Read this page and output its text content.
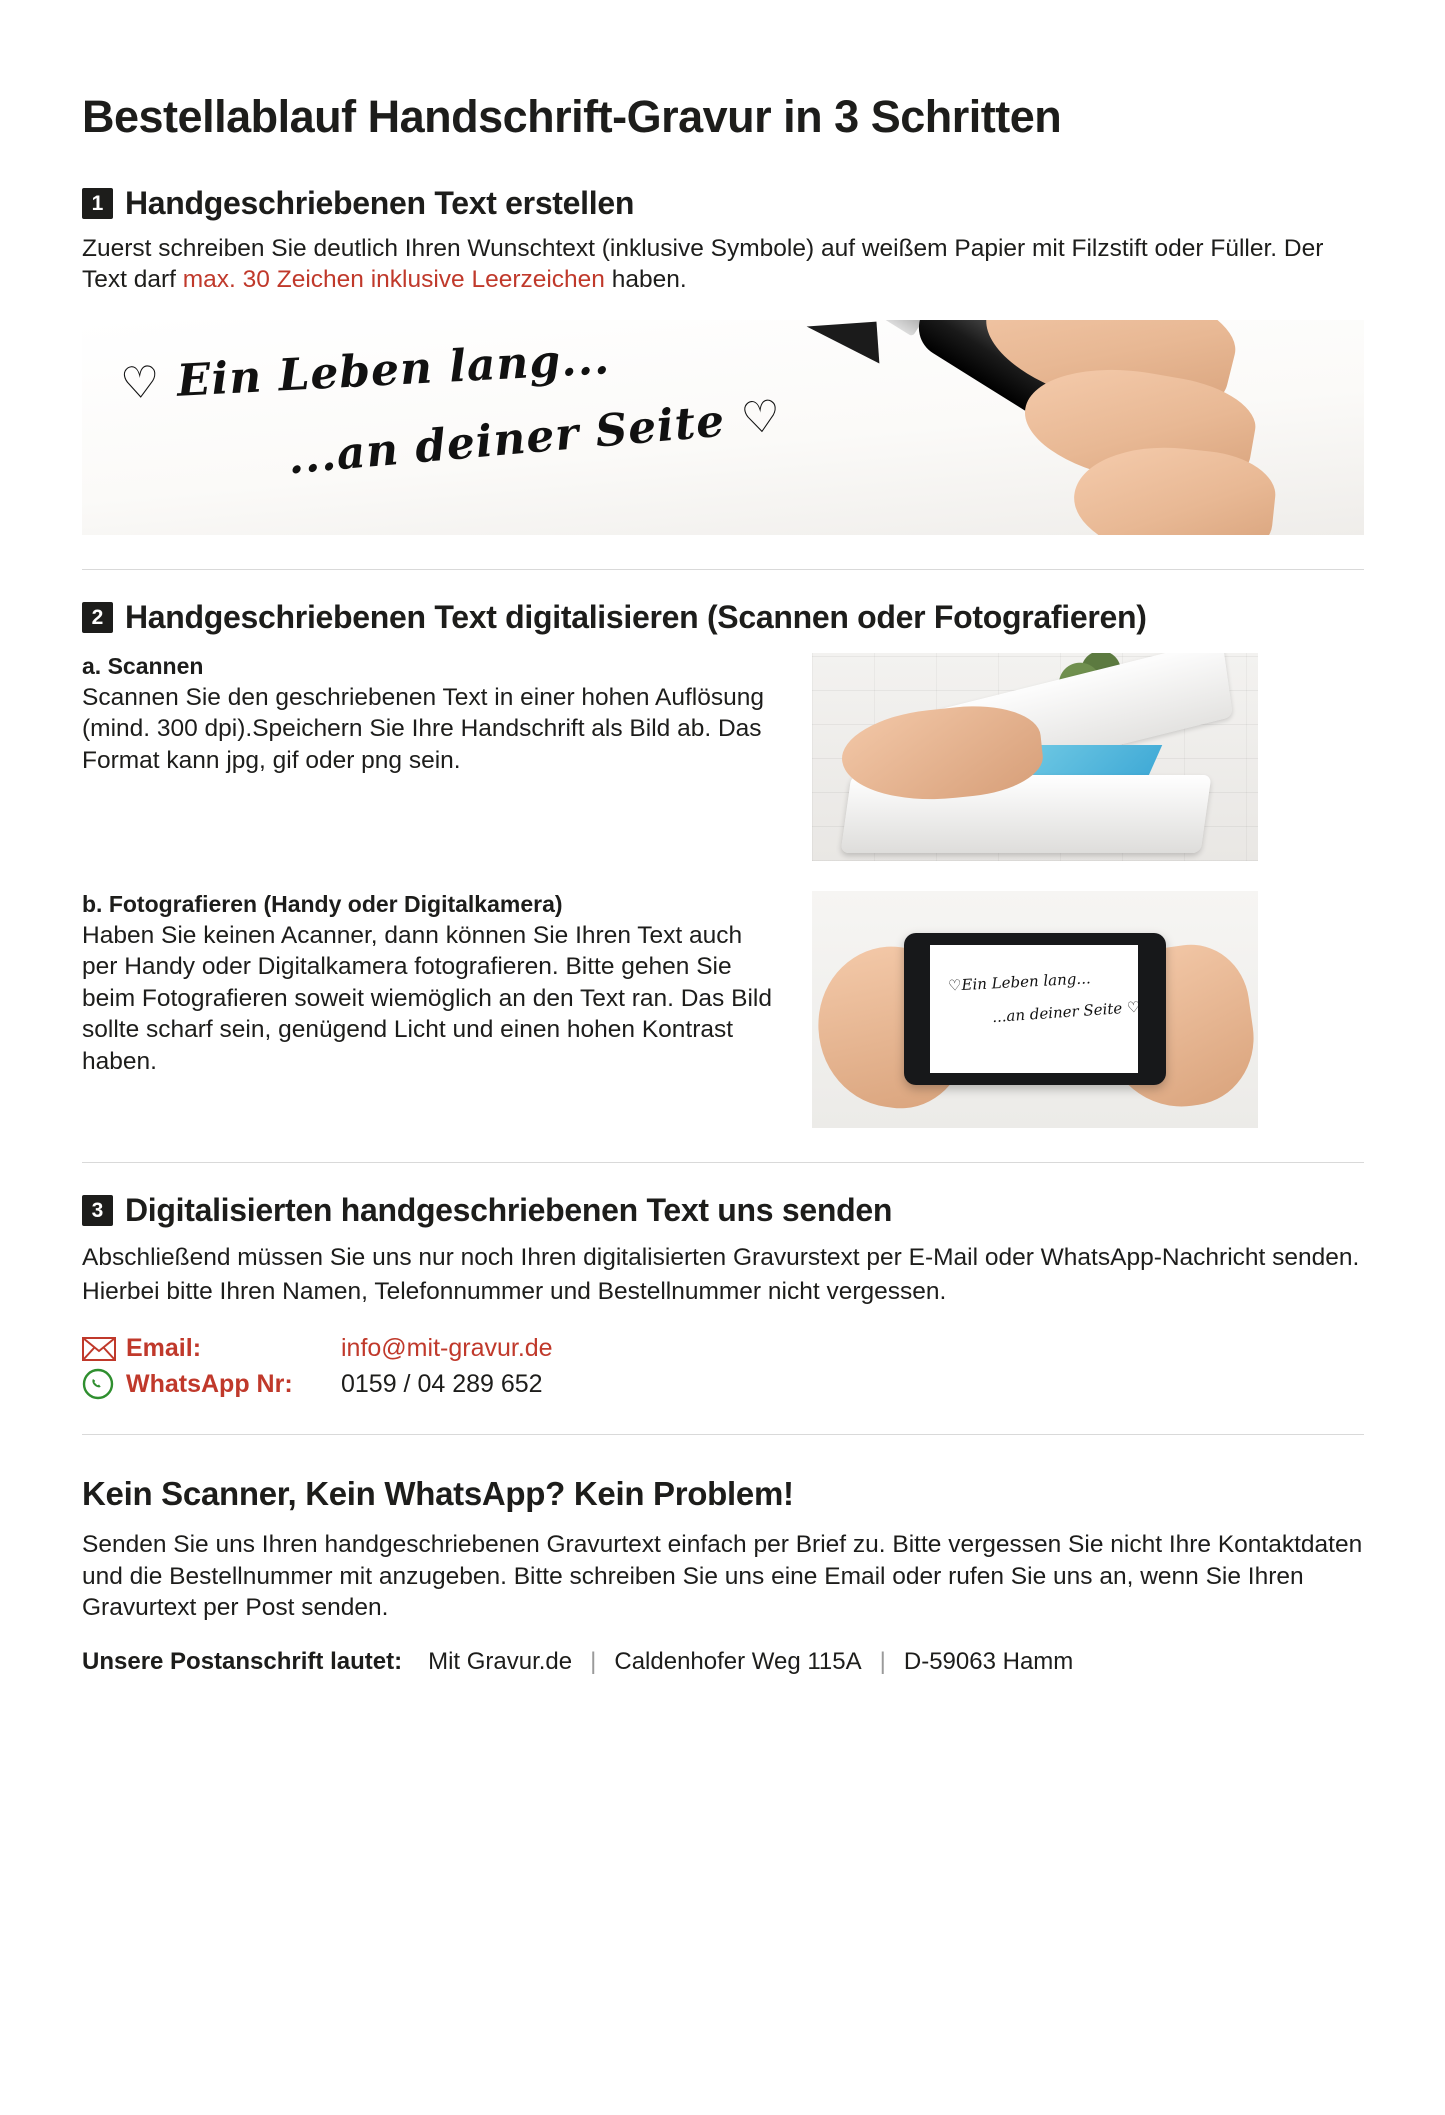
Bestellablauf Handschrift-Gravur in 3 Schritten
1 Handgeschriebenen Text erstellen

Zuerst schreiben Sie deutlich Ihren Wunschtext (inklusive Symbole) auf weißem Papier mit Filzstift oder Füller. Der Text darf max. 30 Zeichen inklusive Leerzeichen haben.

♡ Ein Leben lang...
...an deiner Seite ♡
2 Handgeschriebenen Text digitalisieren (Scannen oder Fotografieren)
a. Scannen
Scannen Sie den geschriebenen Text in einer hohen Auflösung (mind. 300 dpi).Speichern Sie Ihre Handschrift als Bild ab. Das Format kann jpg, gif oder png sein.
b. Fotografieren (Handy oder Digitalkamera)
Haben Sie keinen Acanner, dann können Sie Ihren Text auch per Handy oder Digitalkamera fotografieren. Bitte gehen Sie beim Fotografieren soweit wiemöglich an den Text ran. Das Bild sollte scharf sein, genügend Licht und einen hohen Kontrast haben.
♡Ein Leben lang...
...an deiner Seite ♡
3 Digitalisierten handgeschriebenen Text uns senden

Abschließend müssen Sie uns nur noch Ihren digitalisierten Gravurstext per E-Mail oder WhatsApp-Nachricht senden.

Hierbei bitte Ihren Namen, Telefonnummer und Bestellnummer nicht vergessen.

Email:	info@mit-gravur.de
WhatsApp Nr:	0159 / 04 289 652
Kein Scanner, Kein WhatsApp? Kein Problem!

Senden Sie uns Ihren handgeschriebenen Gravurtext einfach per Brief zu. Bitte vergessen Sie nicht Ihre Kontaktdaten und die Bestellnummer mit anzugeben. Bitte schreiben Sie uns eine Email oder rufen Sie uns an, wenn Sie Ihren Gravurtext per Post senden.

Unsere Postanschrift lautet: Mit Gravur.de | Caldenhofer Weg 115A | D-59063 Hamm
